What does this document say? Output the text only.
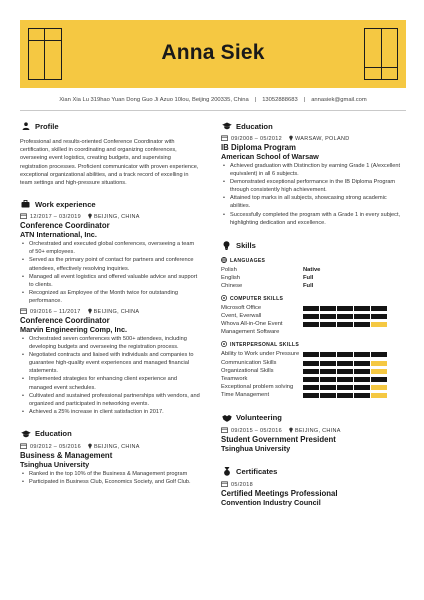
Anna Siek
Xian Xia Lu 319hao Yuan Dong Guo Ji Azuo 10lou, Beijing 200335, China | 13052888683 | annasiek@gmail.com
Profile
Professional and results-oriented Conference Coordinator with certification, skilled in coordinating and organizing conferences, overseeing event logistics, creating budgets, and supervising registration processes. Proficient communicator with proven experience, exceptional organizational abilities, and a track record of excelling in team settings and high-pressure situations.
Work experience
12/2017 – 03/2019 BEIJING, CHINA
Conference Coordinator
ATN International, Inc.
• Orchestrated and executed global conferences, overseeing a team of 50+ employees.
• Served as the primary point of contact for partners and conference attendees, effectively resolving inquiries.
• Managed all event logistics and offered valuable advice and support to clients.
• Recognized as Employee of the Month twice for outstanding performance.
09/2016 – 11/2017 BEIJING, CHINA
Conference Coordinator
Marvin Engineering Comp, Inc.
• Orchestrated seven conferences with 500+ attendees, including developing budgets and overseeing the registration process.
• Negotiated contracts and liaised with individuals and companies to guarantee high-quality event experiences and managed financial statements.
• Implemented strategies for enhancing client experience and managed event schedules.
• Cultivated and sustained professional partnerships with vendors, and organized and participated in networking events.
• Achieved a 25% increase in client satisfaction in 2017.
Education
09/2012 – 05/2016 BEIJING, CHINA
Business & Management
Tsinghua University
• Ranked in the top 10% of the Business & Management program
• Participated in Business Club, Economics Society, and Golf Club.
Education
09/2008 – 05/2012 WARSAW, POLAND
IB Diploma Program
American School of Warsaw
• Achieved graduation with Distinction by earning Grade 1 (A/excellent equivalent) in all 6 subjects.
• Demonstrated exceptional performance in the IB Diploma Program through consistently high achievement.
• Attained top marks in all subjects, showcasing strong academic abilities.
• Successfully completed the program with a Grade 1 in every subject, highlighting dedication and excellence.
Skills
LANGUAGES
Polish	Native
English	Full
Chinese	Full
COMPUTER SKILLS
Microsoft Office
Cvent, Everwall
Whova All-in-One Event Management Software
INTERPERSONAL SKILLS
Ability to Work under Pressure
Communication Skills
Organizational Skills
Teamwork
Exceptional problem solving
Time Management
Volunteering
09/2015 – 05/2016 BEIJING, CHINA
Student Government President
Tsinghua University
Certificates
05/2018
Certified Meetings Professional
Convention Industry Council
